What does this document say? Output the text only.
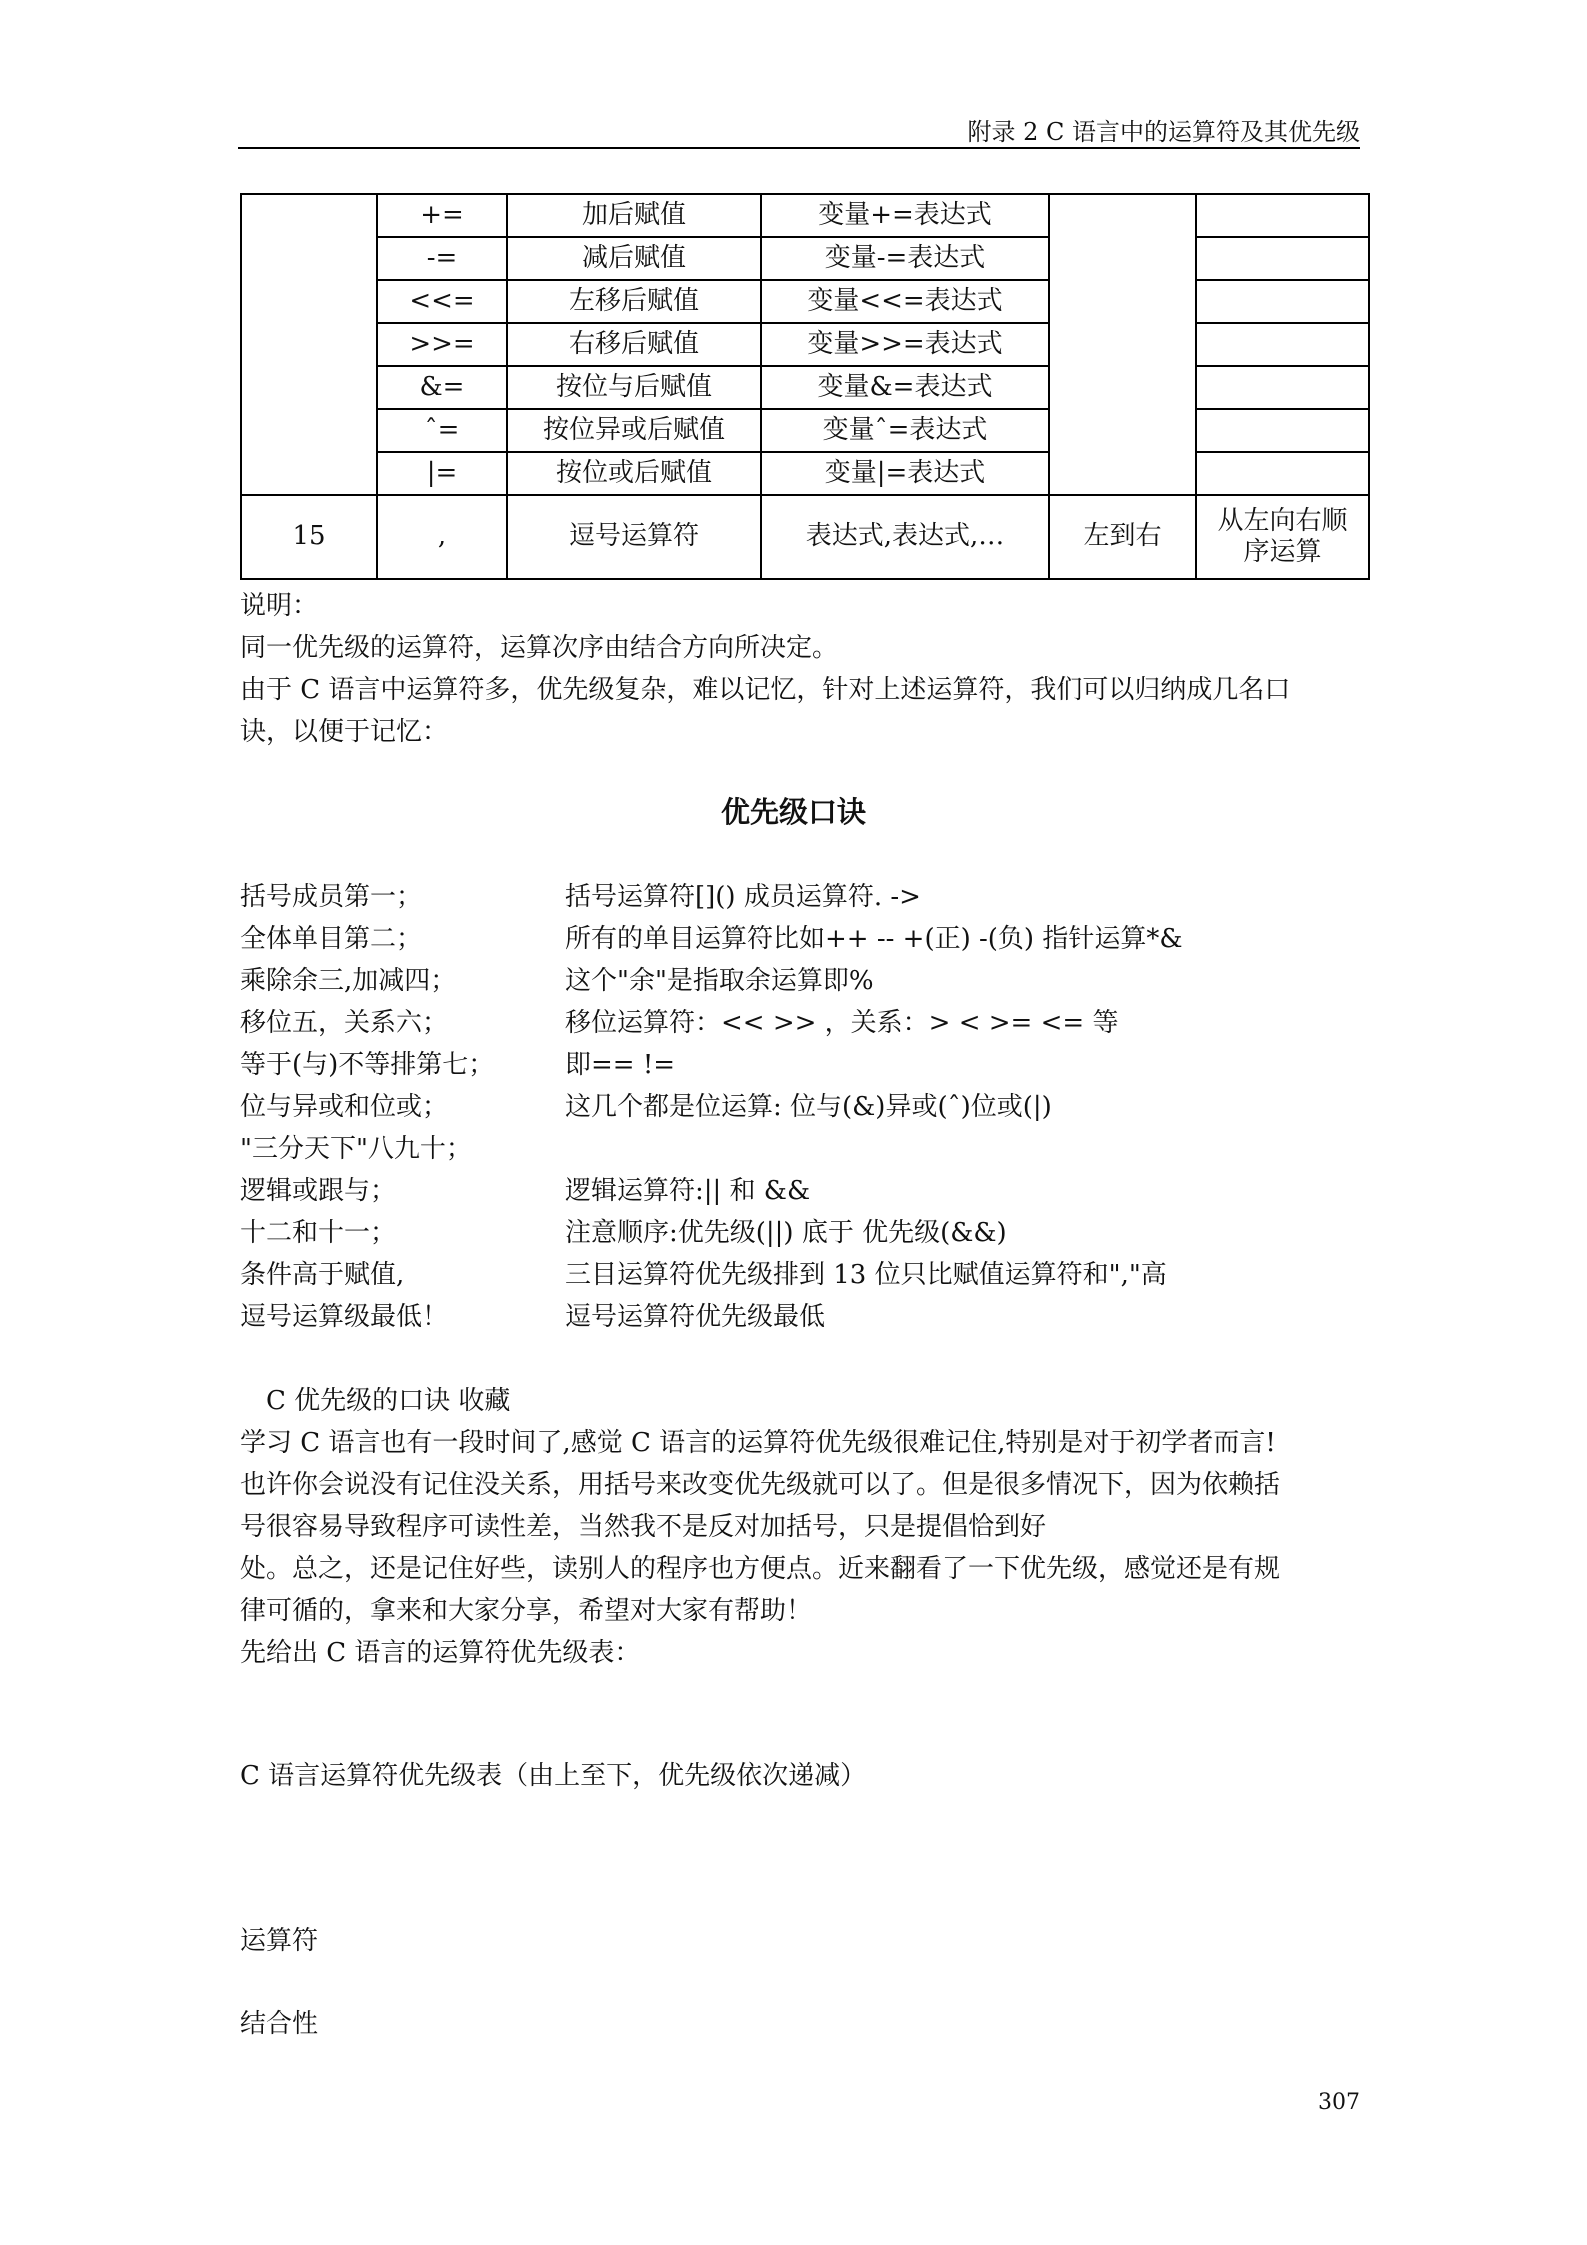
附录 2 C 语言中的运算符及其优先级
	+=	加后赋值	变量+=表达式		
	-=	减后赋值	变量-=表达式		
	<<=	左移后赋值	变量<<=表达式		
	>>=	右移后赋值	变量>>=表达式		
	&=	按位与后赋值	变量&=表达式		
	ˆ=	按位异或后赋值	变量ˆ=表达式		
	|=	按位或后赋值	变量|=表达式		
15	,	逗号运算符	表达式,表达式,…	左到右	从左向右顺
序运算
说明：
同一优先级的运算符，运算次序由结合方向所决定。
由于 C 语言中运算符多，优先级复杂，难以记忆，针对上述运算符，我们可以归纳成几名口
诀，以便于记忆：
优先级口诀
括号成员第一；	括号运算符[]() 成员运算符. ->
全体单目第二；	所有的单目运算符比如++ -- +(正) -(负) 指针运算*&
乘除余三,加减四；	这个"余"是指取余运算即%
移位五，关系六；	移位运算符：<< >> ，关系：> < >= <= 等
等于(与)不等排第七；	即== !=
位与异或和位或；	这几个都是位运算: 位与(&)异或(ˆ)位或(|)
"三分天下"八九十；
逻辑或跟与；	逻辑运算符:|| 和 &&
十二和十一；	注意顺序:优先级(||) 底于 优先级(&&)
条件高于赋值,	三目运算符优先级排到 13 位只比赋值运算符和","高
逗号运算级最低！	逗号运算符优先级最低
C 优先级的口诀 收藏
学习 C 语言也有一段时间了,感觉 C 语言的运算符优先级很难记住,特别是对于初学者而言!
也许你会说没有记住没关系，用括号来改变优先级就可以了。但是很多情况下，因为依赖括
号很容易导致程序可读性差，当然我不是反对加括号，只是提倡恰到好
处。总之，还是记住好些，读别人的程序也方便点。近来翻看了一下优先级，感觉还是有规
律可循的，拿来和大家分享，希望对大家有帮助！
先给出 C 语言的运算符优先级表：
C 语言运算符优先级表（由上至下，优先级依次递减）
运算符
结合性
307
